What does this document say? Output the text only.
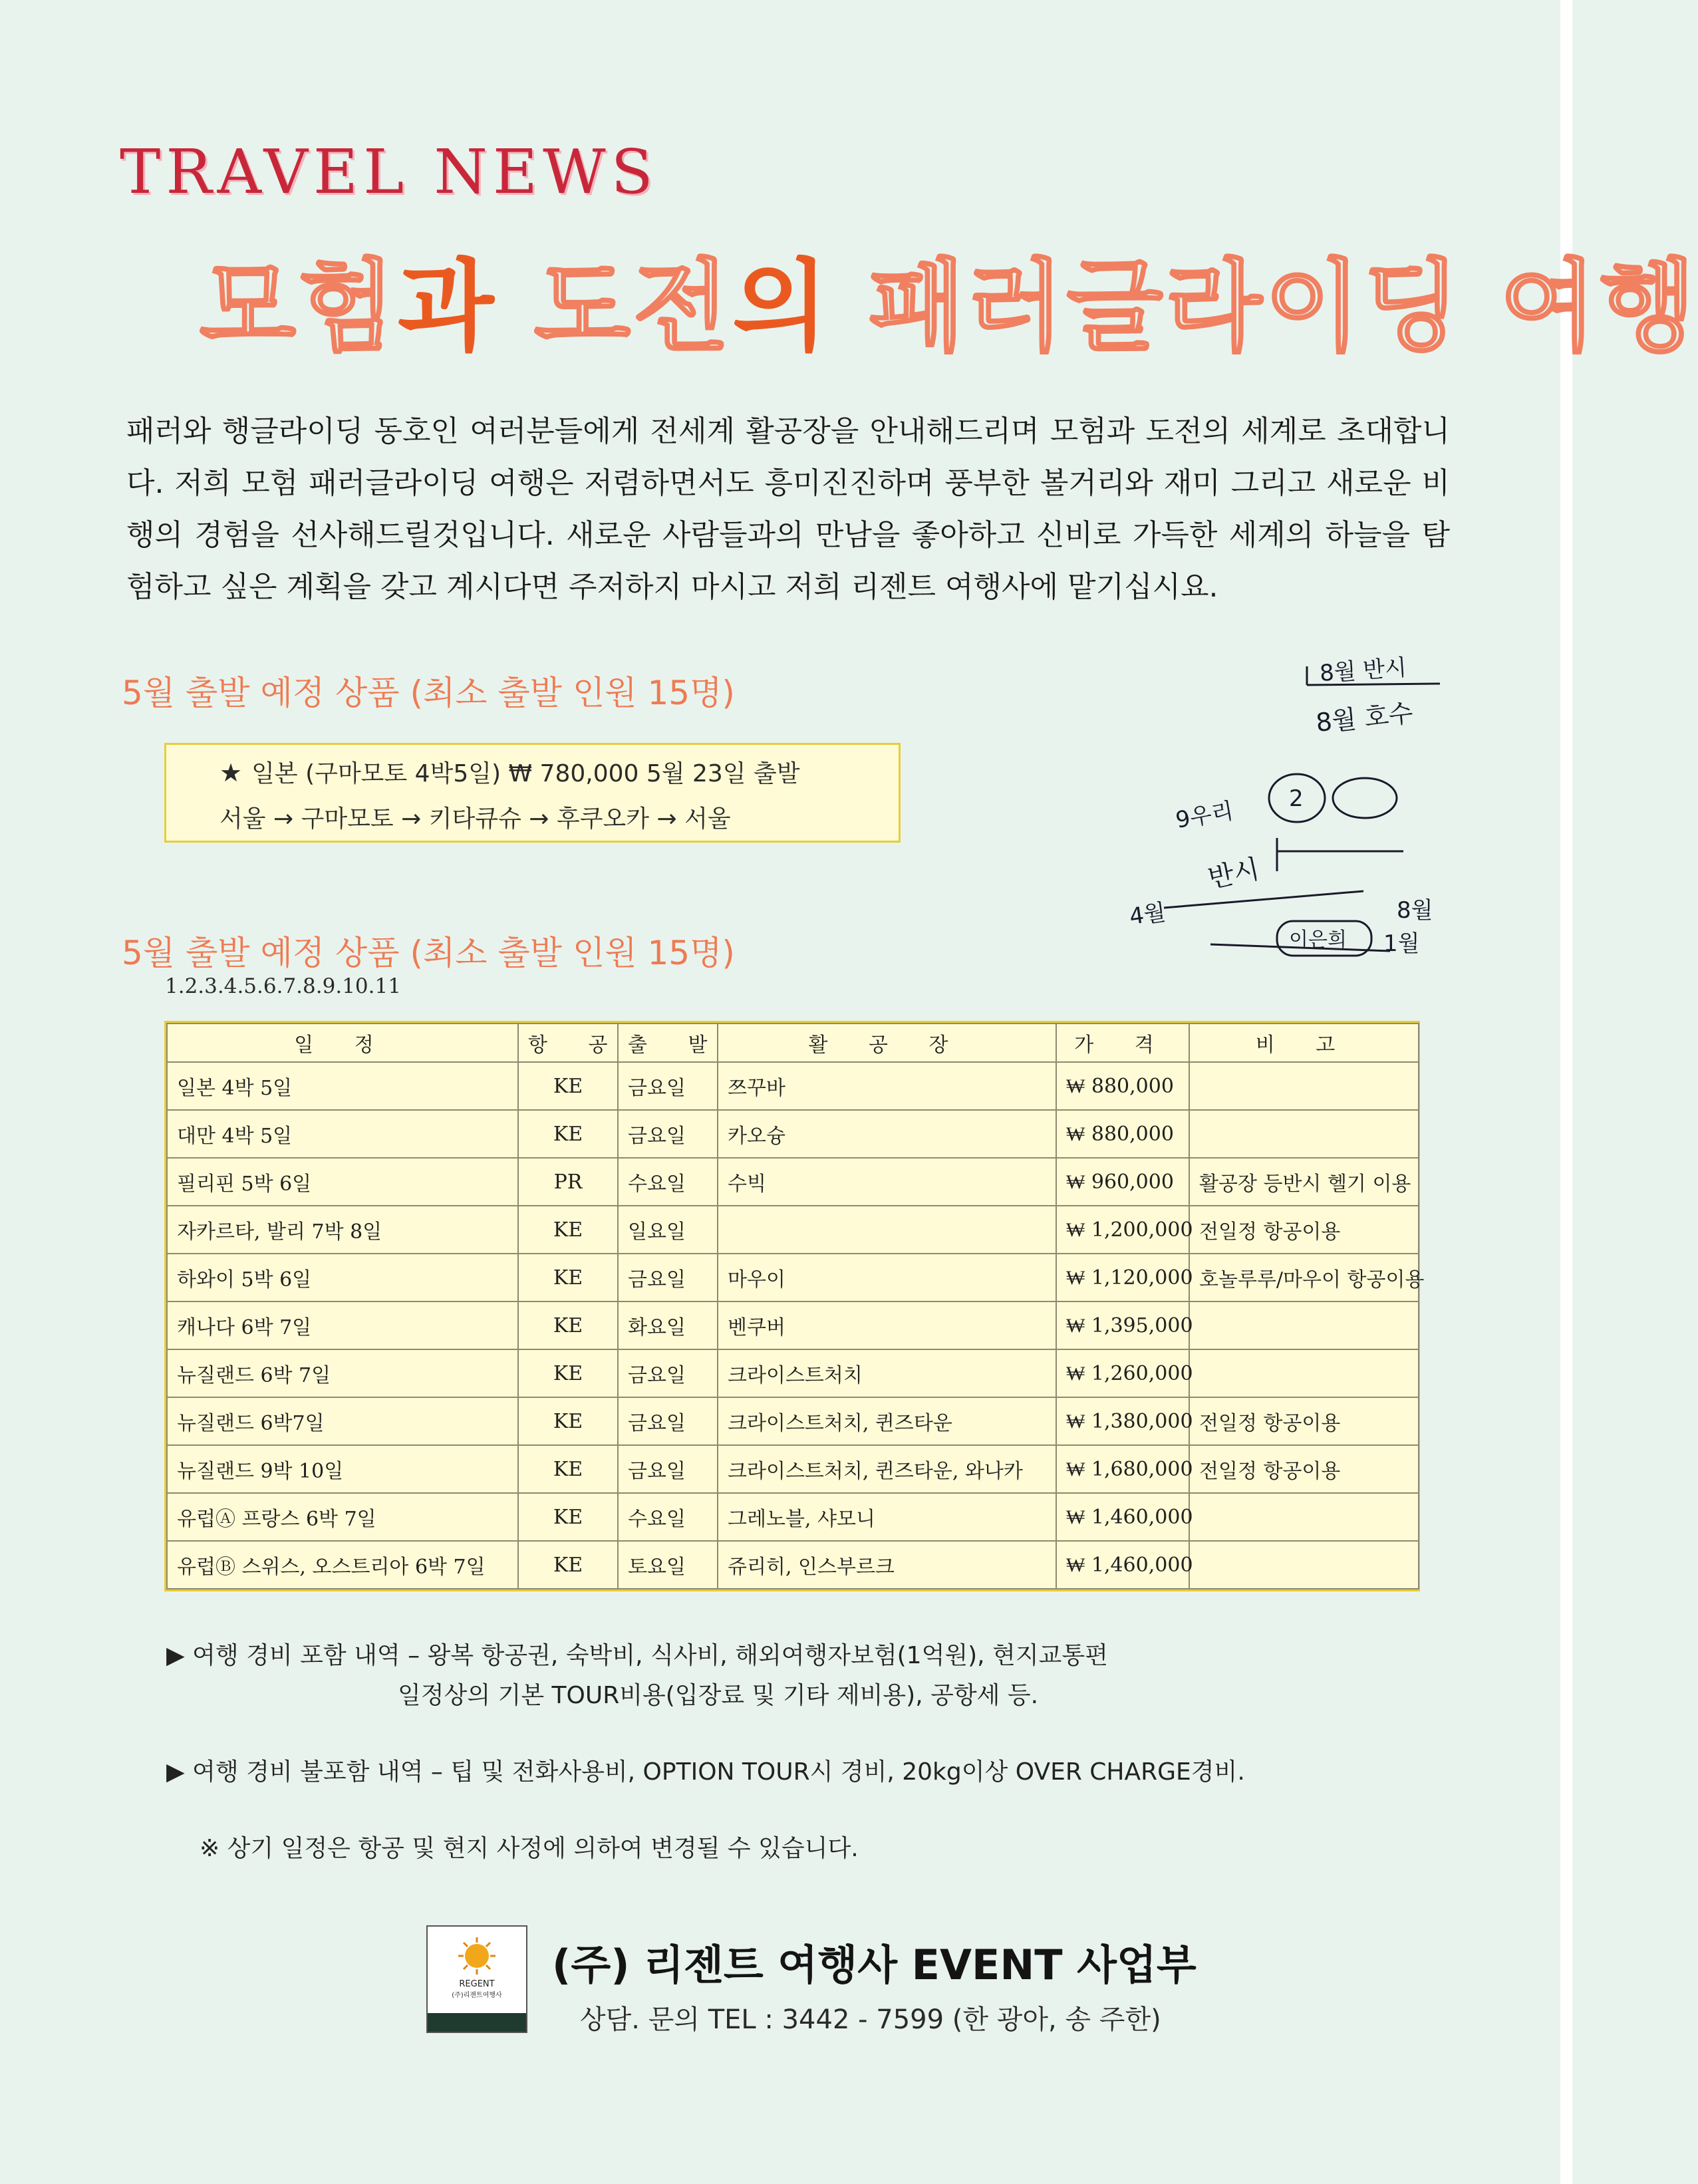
TRAVEL NEWS
모험과 도전의 패러글라이딩 여행
패러와 행글라이딩 동호인 여러분들에게 전세계 활공장을 안내해드리며 모험과 도전의 세계로 초대합니다. 저희 모험 패러글라이딩 여행은 저렴하면서도 흥미진진하며 풍부한 볼거리와 재미 그리고 새로운 비행의 경험을 선사해드릴것입니다. 새로운 사람들과의 만남을 좋아하고 신비로 가득한 세계의 하늘을 탐험하고 싶은 계획을 갖고 계시다면 주저하지 마시고 저희 리젠트 여행사에 맡기십시요.
5월 출발 예정 상품 (최소 출발 인원 15명)
★ 일본 (구마모토 4박5일) ₩ 780,000 5월 23일 출발
서울 → 구마모토 → 키타큐슈 → 후쿠오카 → 서울
5월 출발 예정 상품 (최소 출발 인원 15명)
1.2.3.4.5.6.7.8.9.10.11
일 정	항 공	출 발	활 공 장	가 격	비 고
일본 4박 5일	KE	금요일	쯔꾸바	₩ 880,000	
대만 4박 5일	KE	금요일	카오슝	₩ 880,000	
필리핀 5박 6일	PR	수요일	수빅	₩ 960,000	활공장 등반시 헬기 이용
자카르타, 발리 7박 8일	KE	일요일		₩ 1,200,000	전일정 항공이용
하와이 5박 6일	KE	금요일	마우이	₩ 1,120,000	호놀루루/마우이 항공이용
캐나다 6박 7일	KE	화요일	벤쿠버	₩ 1,395,000	
뉴질랜드 6박 7일	KE	금요일	크라이스트처치	₩ 1,260,000	
뉴질랜드 6박7일	KE	금요일	크라이스트처치, 퀸즈타운	₩ 1,380,000	전일정 항공이용
뉴질랜드 9박 10일	KE	금요일	크라이스트처치, 퀸즈타운, 와나카	₩ 1,680,000	전일정 항공이용
유럽Ⓐ 프랑스 6박 7일	KE	수요일	그레노블, 샤모니	₩ 1,460,000	
유럽Ⓑ 스위스, 오스트리아 6박 7일	KE	토요일	쥬리히, 인스부르크	₩ 1,460,000	
▶ 여행 경비 포함 내역 – 왕복 항공권, 숙박비, 식사비, 해외여행자보험(1억원), 현지교통편
일정상의 기본 TOUR비용(입장료 및 기타 제비용), 공항세 등.
▶ 여행 경비 불포함 내역 – 팁 및 전화사용비, OPTION TOUR시 경비, 20kg이상 OVER CHARGE경비.
※ 상기 일정은 항공 및 현지 사정에 의하여 변경될 수 있습니다.
REGENT
(주)리젠트여행사
(주) 리젠트 여행사 EVENT 사업부
상담. 문의 TEL : 3442 - 7599 (한 광아, 송 주한)
8월 반시
8월 호수
9우리
반시
4월	8월
이은희 1월
2
